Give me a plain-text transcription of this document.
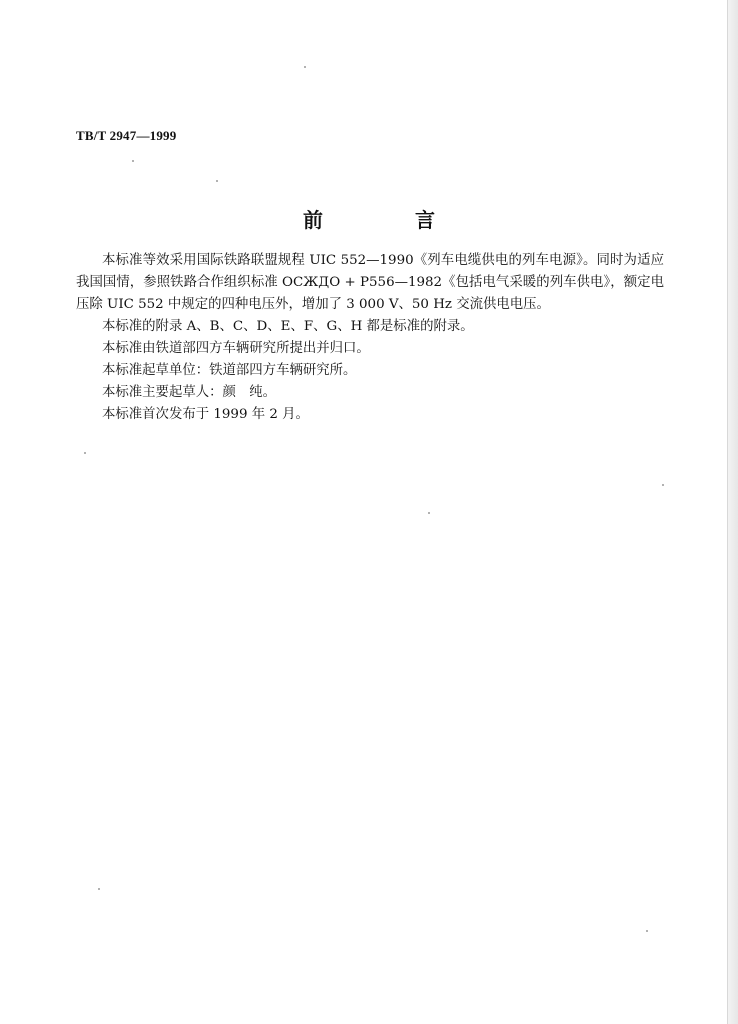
TB/T 2947—1999
前　言

本标准等效采用国际铁路联盟规程 UIC 552—1990《列车电缆供电的列车电源》。同时为适应我国国情，参照铁路合作组织标准 ОСЖДО + Р556—1982《包括电气采暖的列车供电》，额定电压除 UIC 552 中规定的四种电压外，增加了 3 000 V、50 Hz 交流供电电压。

本标准的附录 A、B、C、D、E、F、G、H 都是标准的附录。

本标准由铁道部四方车辆研究所提出并归口。

本标准起草单位：铁道部四方车辆研究所。

本标准主要起草人：颜　纯。

本标准首次发布于 1999 年 2 月。
